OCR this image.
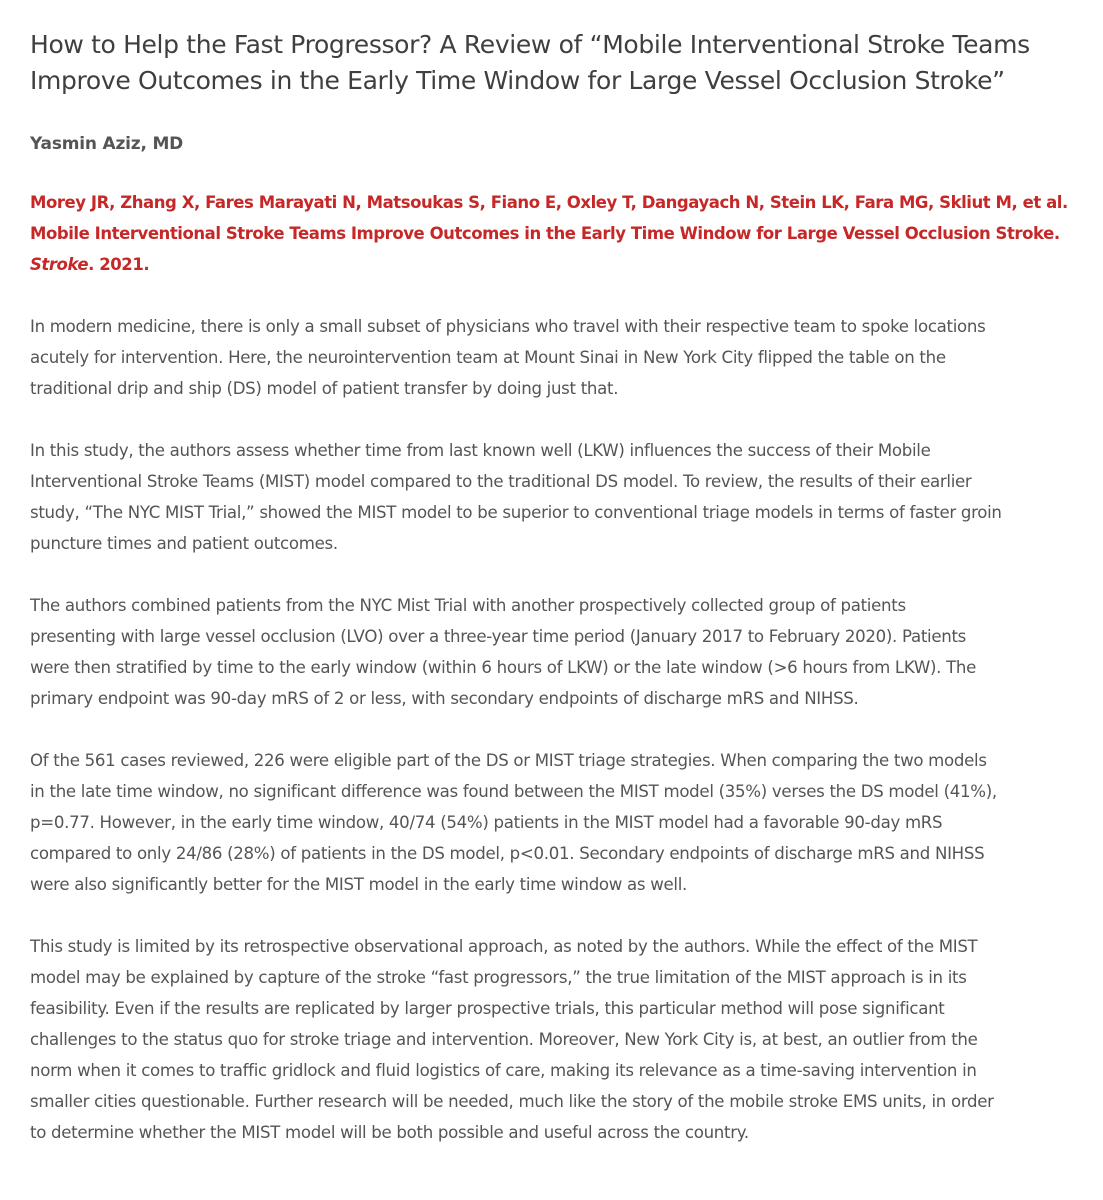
How to Help the Fast Progressor? A Review of “Mobile Interventional Stroke Teams
Improve Outcomes in the Early Time Window for Large Vessel Occlusion Stroke”
Yasmin Aziz, MD
Morey JR, Zhang X, Fares Marayati N, Matsoukas S, Fiano E, Oxley T, Dangayach N, Stein LK, Fara MG, Skliut M, et al.
Mobile Interventional Stroke Teams Improve Outcomes in the Early Time Window for Large Vessel Occlusion Stroke.
Stroke. 2021.

In modern medicine, there is only a small subset of physicians who travel with their respective team to spoke locations
acutely for intervention. Here, the neurointervention team at Mount Sinai in New York City flipped the table on the
traditional drip and ship (DS) model of patient transfer by doing just that.

In this study, the authors assess whether time from last known well (LKW) influences the success of their Mobile
Interventional Stroke Teams (MIST) model compared to the traditional DS model. To review, the results of their earlier
study, “The NYC MIST Trial,” showed the MIST model to be superior to conventional triage models in terms of faster groin
puncture times and patient outcomes.

The authors combined patients from the NYC Mist Trial with another prospectively collected group of patients
presenting with large vessel occlusion (LVO) over a three-year time period (January 2017 to February 2020). Patients
were then stratified by time to the early window (within 6 hours of LKW) or the late window (>6 hours from LKW). The
primary endpoint was 90-day mRS of 2 or less, with secondary endpoints of discharge mRS and NIHSS.

Of the 561 cases reviewed, 226 were eligible part of the DS or MIST triage strategies. When comparing the two models
in the late time window, no significant difference was found between the MIST model (35%) verses the DS model (41%),
p=0.77. However, in the early time window, 40/74 (54%) patients in the MIST model had a favorable 90-day mRS
compared to only 24/86 (28%) of patients in the DS model, p<0.01. Secondary endpoints of discharge mRS and NIHSS
were also significantly better for the MIST model in the early time window as well.

This study is limited by its retrospective observational approach, as noted by the authors. While the effect of the MIST
model may be explained by capture of the stroke “fast progressors,” the true limitation of the MIST approach is in its
feasibility. Even if the results are replicated by larger prospective trials, this particular method will pose significant
challenges to the status quo for stroke triage and intervention. Moreover, New York City is, at best, an outlier from the
norm when it comes to traffic gridlock and fluid logistics of care, making its relevance as a time-saving intervention in
smaller cities questionable. Further research will be needed, much like the story of the mobile stroke EMS units, in order
to determine whether the MIST model will be both possible and useful across the country.
